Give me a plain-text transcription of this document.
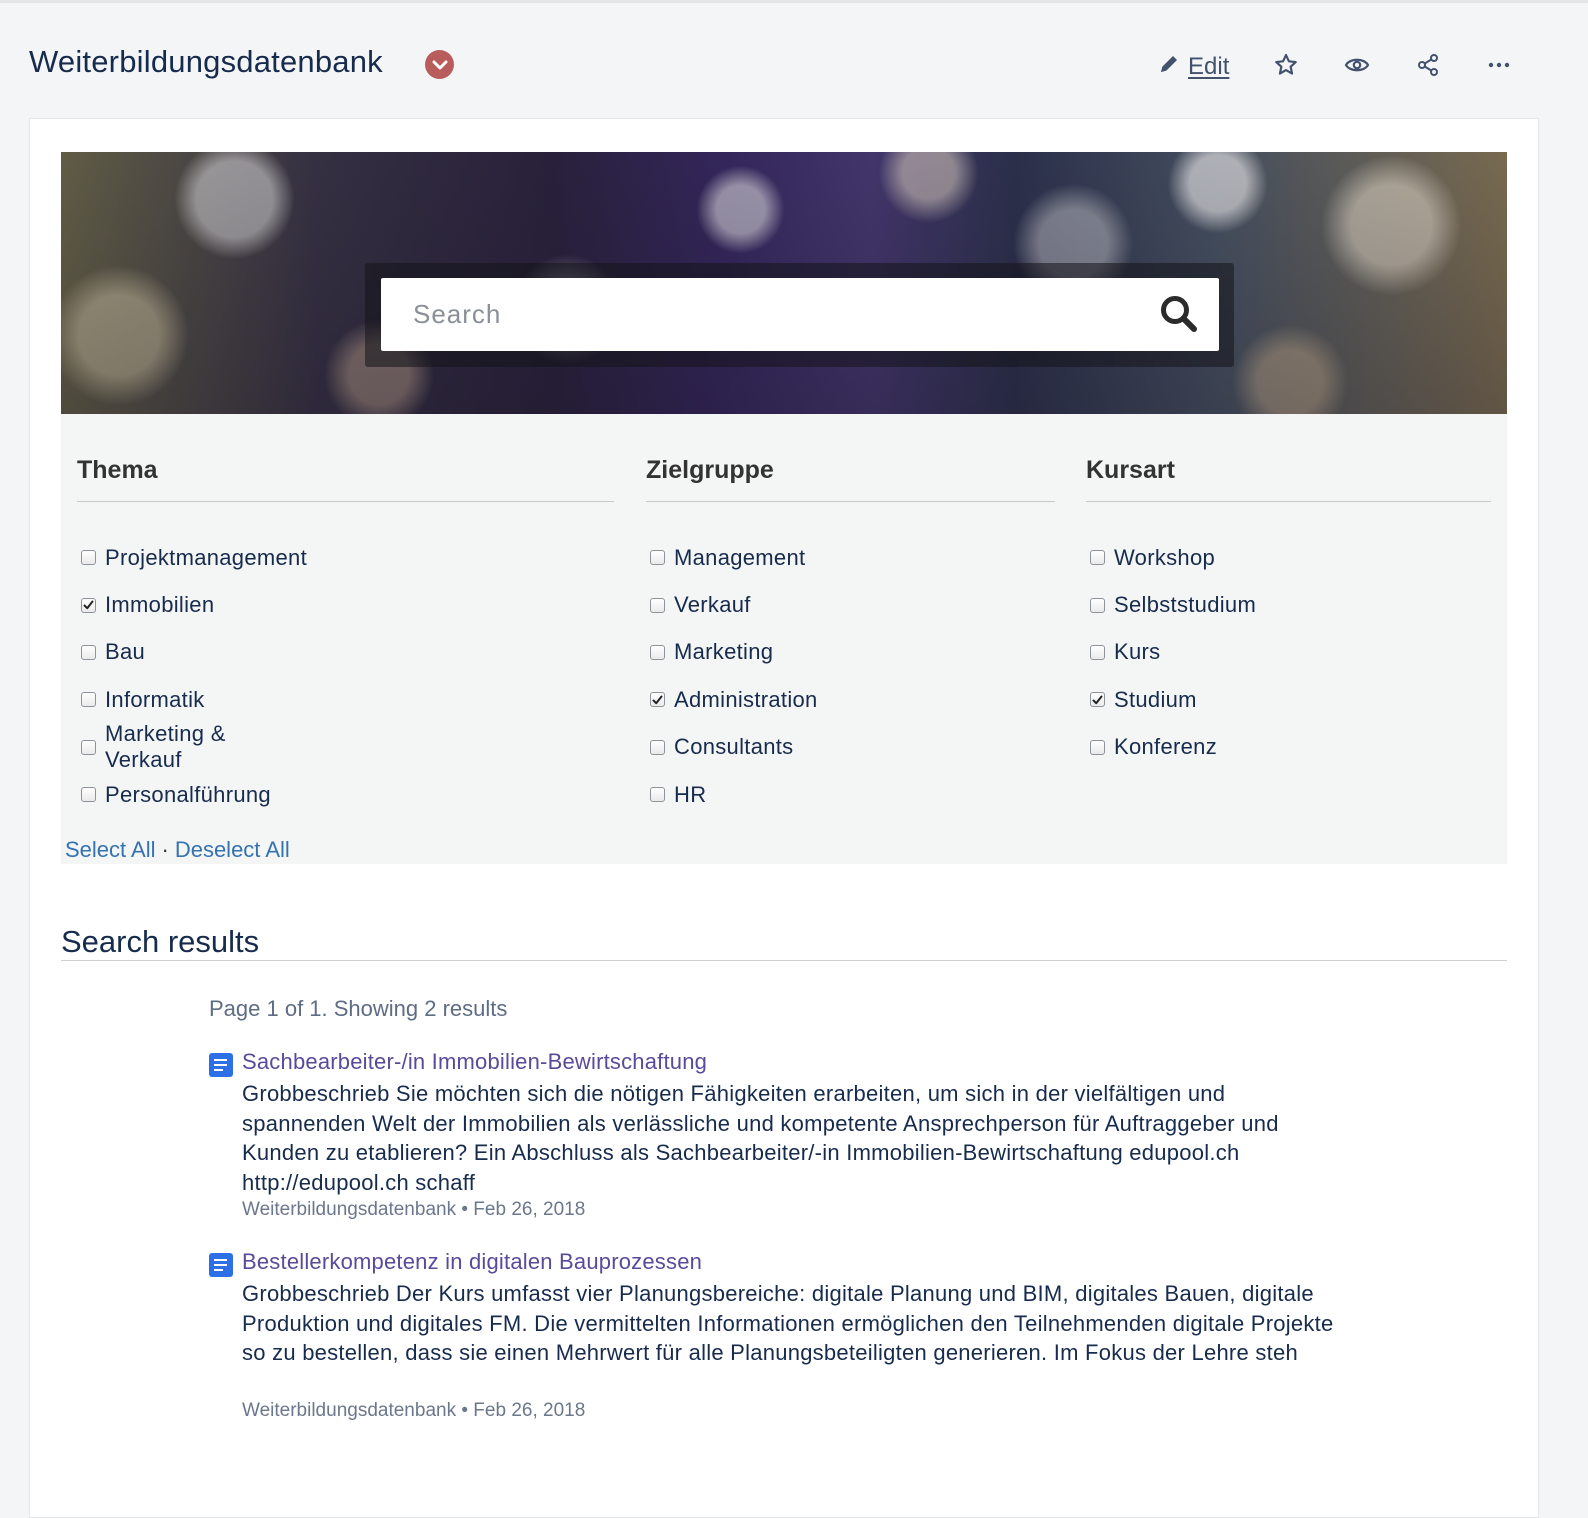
Weiterbildungsdatenbank	Edit
Search
Thema
Projektmanagement
Immobilien
Bau
Informatik
Marketing & Verkauf
Personalführung
Zielgruppe
Management
Verkauf
Marketing
Administration
Consultants
HR
Kursart
Workshop
Selbststudium
Kurs
Studium
Konferenz
Select All · Deselect All
Search results
Page 1 of 1. Showing 2 results
Sachbearbeiter-/in Immobilien-Bewirtschaftung
Grobbeschrieb Sie möchten sich die nötigen Fähigkeiten erarbeiten, um sich in der vielfältigen und spannenden Welt der Immobilien als verlässliche und kompetente Ansprechperson für Auftraggeber und Kunden zu etablieren? Ein Abschluss als Sachbearbeiter/-in Immobilien-Bewirtschaftung edupool.ch http://edupool.ch schaff
Weiterbildungsdatenbank • Feb 26, 2018
Bestellerkompetenz in digitalen Bauprozessen
Grobbeschrieb Der Kurs umfasst vier Planungsbereiche: digitale Planung und BIM, digitales Bauen, digitale Produktion und digitales FM. Die vermittelten Informationen ermöglichen den Teilnehmenden digitale Projekte so zu bestellen, dass sie einen Mehrwert für alle Planungsbeteiligten generieren. Im Fokus der Lehre steh
Weiterbildungsdatenbank • Feb 26, 2018
